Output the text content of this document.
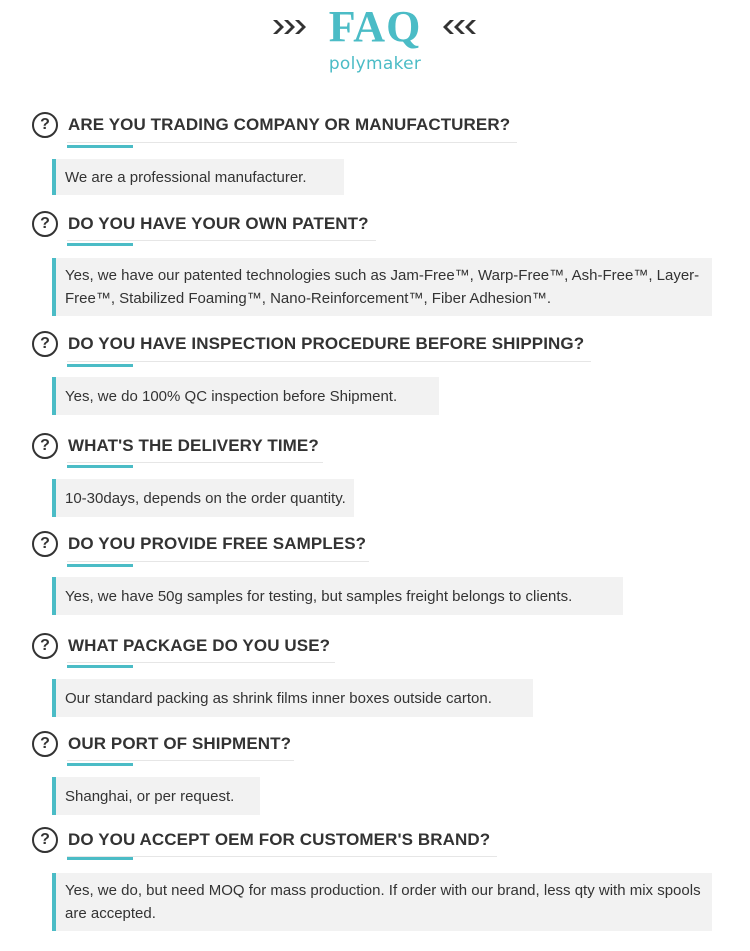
FAQ
polymaker
?	ARE YOU TRADING COMPANY OR MANUFACTURER?
We are a professional manufacturer.
?	DO YOU HAVE YOUR OWN PATENT?
Yes, we have our patented technologies such as Jam-Free™, Warp-Free™, Ash-Free™, Layer-Free™, Stabilized Foaming™, Nano-Reinforcement™, Fiber Adhesion™.
?	DO YOU HAVE INSPECTION PROCEDURE BEFORE SHIPPING?
Yes, we do 100% QC inspection before Shipment.
?	WHAT'S THE DELIVERY TIME?
10-30days, depends on the order quantity.
?	DO YOU PROVIDE FREE SAMPLES?
Yes, we have 50g samples for testing, but samples freight belongs to clients.
?	WHAT PACKAGE DO YOU USE?
Our standard packing as shrink films inner boxes outside carton.
?	OUR PORT OF SHIPMENT?
Shanghai, or per request.
?	DO YOU ACCEPT OEM FOR CUSTOMER'S BRAND?
Yes, we do, but need MOQ for mass production. If order with our brand, less qty with mix spools are accepted.
